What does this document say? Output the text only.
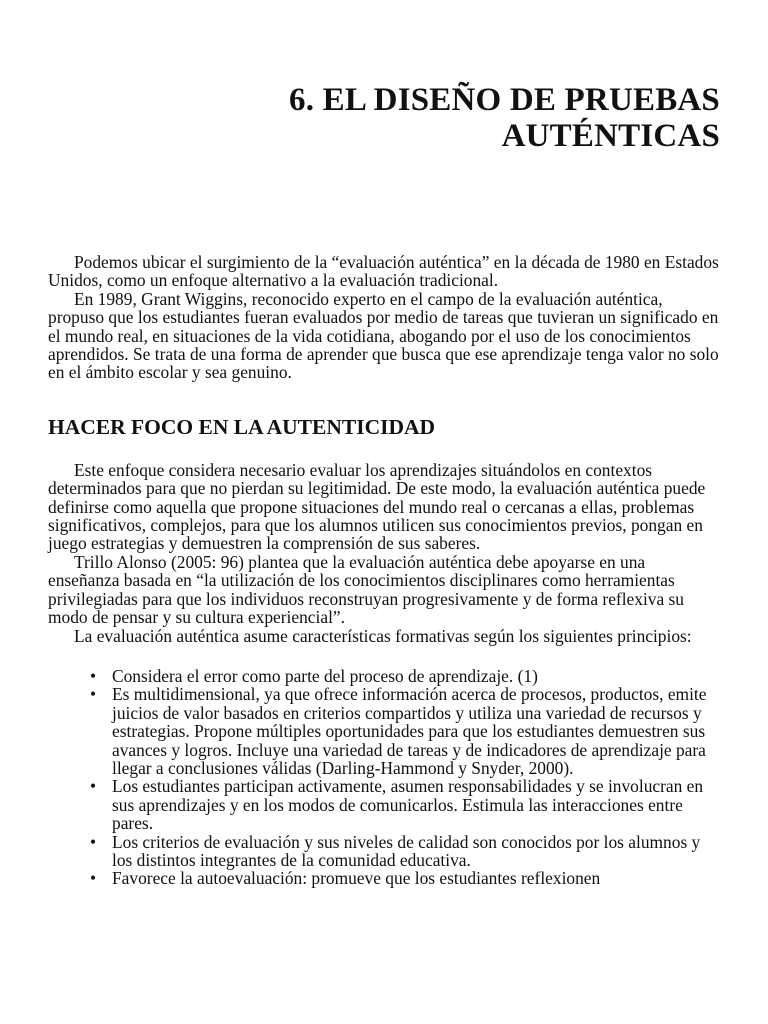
6. EL DISEÑO DE PRUEBAS
AUTÉNTICAS

Podemos ubicar el surgimiento de la “evaluación auténtica” en la década de 1980 en Estados Unidos, como un enfoque alternativo a la evaluación tradicional.

En 1989, Grant Wiggins, reconocido experto en el campo de la evaluación auténtica, propuso que los estudiantes fueran evaluados por medio de tareas que tuvieran un significado en el mundo real, en situaciones de la vida cotidiana, abogando por el uso de los conocimientos aprendidos. Se trata de una forma de aprender que busca que ese aprendizaje tenga valor no solo en el ámbito escolar y sea genuino.

HACER FOCO EN LA AUTENTICIDAD

Este enfoque considera necesario evaluar los aprendizajes situándolos en contextos determinados para que no pierdan su legitimidad. De este modo, la evaluación auténtica puede definirse como aquella que propone situaciones del mundo real o cercanas a ellas, problemas significativos, complejos, para que los alumnos utilicen sus conocimientos previos, pongan en juego estrategias y demuestren la comprensión de sus saberes.

Trillo Alonso (2005: 96) plantea que la evaluación auténtica debe apoyarse en una enseñanza basada en “la utilización de los conocimientos disciplinares como herramientas privilegiadas para que los individuos reconstruyan progresivamente y de forma reflexiva su modo de pensar y su cultura experiencial”.

La evaluación auténtica asume características formativas según los siguientes principios:

• Considera el error como parte del proceso de aprendizaje. (1)
• Es multidimensional, ya que ofrece información acerca de procesos, productos, emite juicios de valor basados en criterios compartidos y utiliza una variedad de recursos y estrategias. Propone múltiples oportunidades para que los estudiantes demuestren sus avances y logros. Incluye una variedad de tareas y de indicadores de aprendizaje para llegar a conclusiones válidas (Darling-Hammond y Snyder, 2000).
• Los estudiantes participan activamente, asumen responsabilidades y se involucran en sus aprendizajes y en los modos de comunicarlos. Estimula las interacciones entre pares.
• Los criterios de evaluación y sus niveles de calidad son conocidos por los alumnos y los distintos integrantes de la comunidad educativa.
• Favorece la autoevaluación: promueve que los estudiantes reflexionen
